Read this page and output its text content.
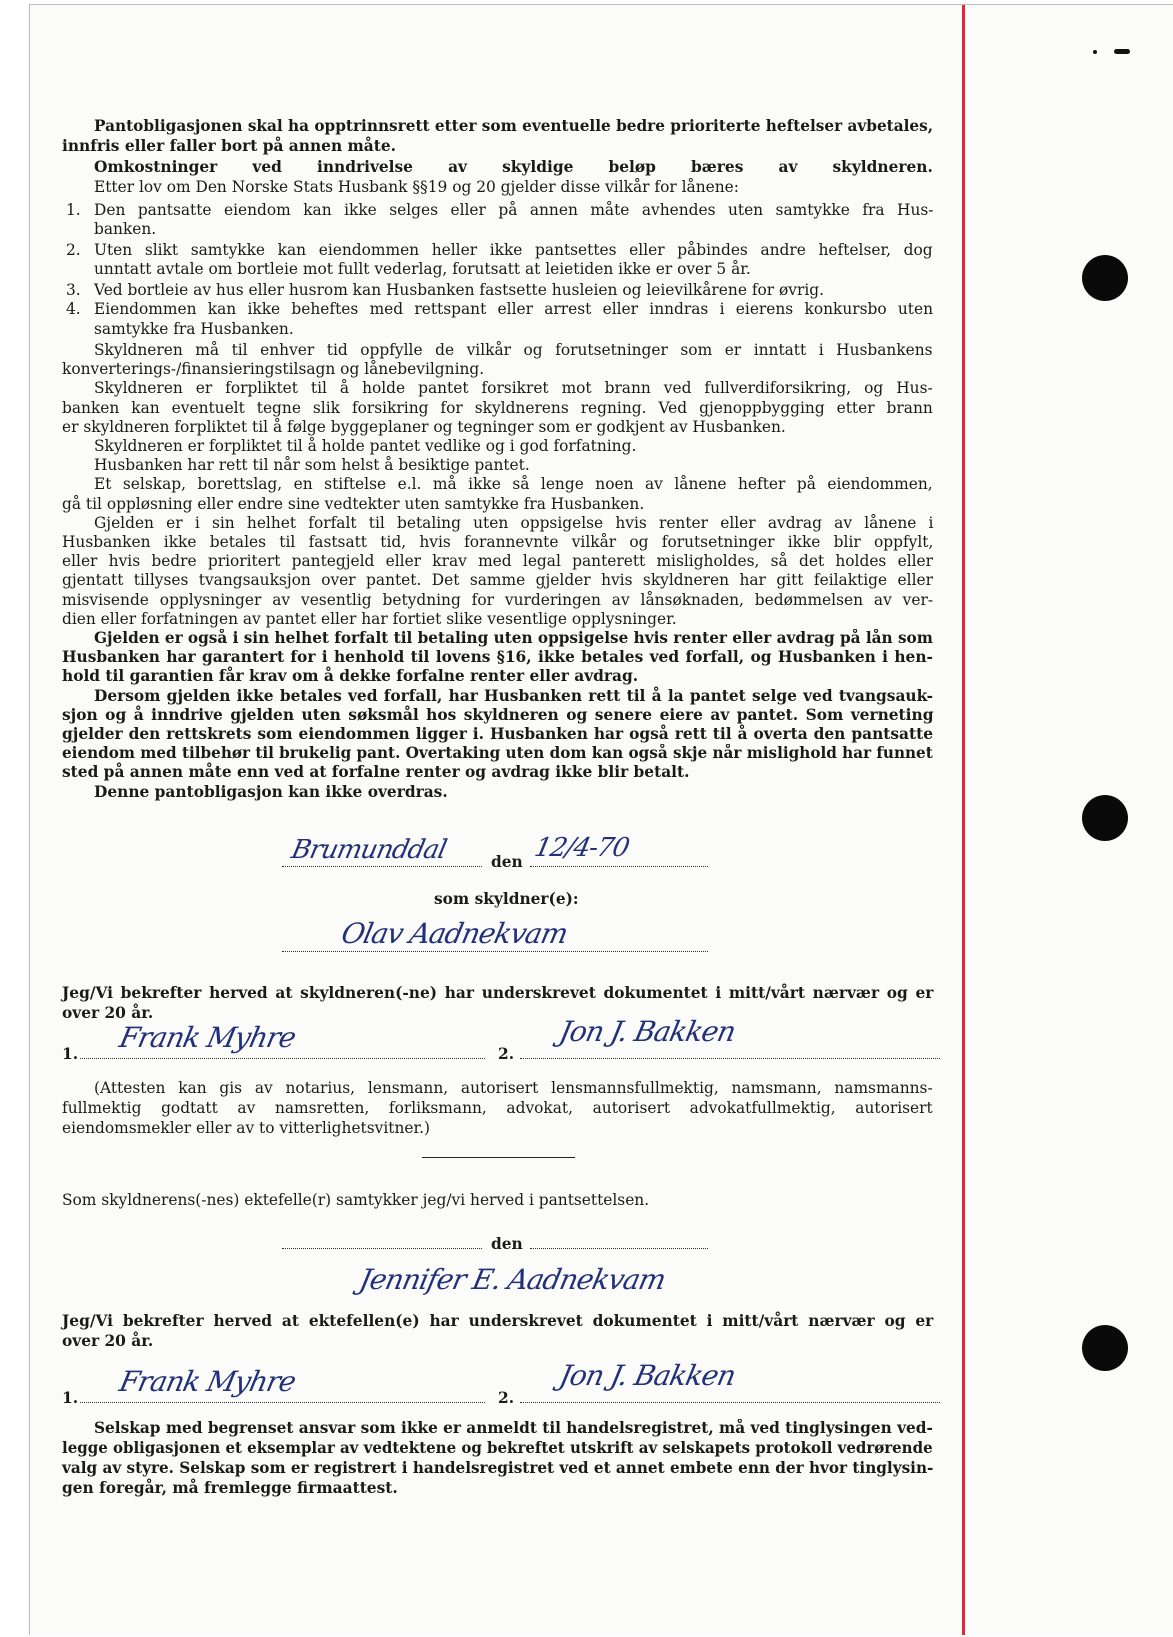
Pantobligasjonen skal ha opptrinnsrett etter som eventuelle bedre prioriterte heftelser avbetales,
innfris eller faller bort på annen måte.
Omkostninger ved inndrivelse av skyldige beløp bæres av skyldneren.
Etter lov om Den Norske Stats Husbank §§19 og 20 gjelder disse vilkår for lånene:
1. Den pantsatte eiendom kan ikke selges eller på annen måte avhendes uten samtykke fra Hus-
banken.
2. Uten slikt samtykke kan eiendommen heller ikke pantsettes eller påbindes andre heftelser, dog
unntatt avtale om bortleie mot fullt vederlag, forutsatt at leietiden ikke er over 5 år.
3. Ved bortleie av hus eller husrom kan Husbanken fastsette husleien og leievilkårene for øvrig.
4. Eiendommen kan ikke beheftes med rettspant eller arrest eller inndras i eierens konkursbo uten
samtykke fra Husbanken.
Skyldneren må til enhver tid oppfylle de vilkår og forutsetninger som er inntatt i Husbankens
konverterings-/finansieringstilsagn og lånebevilgning.
Skyldneren er forpliktet til å holde pantet forsikret mot brann ved fullverdiforsikring, og Hus-
banken kan eventuelt tegne slik forsikring for skyldnerens regning. Ved gjenoppbygging etter brann
er skyldneren forpliktet til å følge byggeplaner og tegninger som er godkjent av Husbanken.
Skyldneren er forpliktet til å holde pantet vedlike og i god forfatning.
Husbanken har rett til når som helst å besiktige pantet.
Et selskap, borettslag, en stiftelse e.l. må ikke så lenge noen av lånene hefter på eiendommen,
gå til oppløsning eller endre sine vedtekter uten samtykke fra Husbanken.
Gjelden er i sin helhet forfalt til betaling uten oppsigelse hvis renter eller avdrag av lånene i
Husbanken ikke betales til fastsatt tid, hvis forannevnte vilkår og forutsetninger ikke blir oppfylt,
eller hvis bedre prioritert pantegjeld eller krav med legal panterett misligholdes, så det holdes eller
gjentatt tillyses tvangsauksjon over pantet. Det samme gjelder hvis skyldneren har gitt feilaktige eller
misvisende opplysninger av vesentlig betydning for vurderingen av lånsøknaden, bedømmelsen av ver-
dien eller forfatningen av pantet eller har fortiet slike vesentlige opplysninger.
Gjelden er også i sin helhet forfalt til betaling uten oppsigelse hvis renter eller avdrag på lån som
Husbanken har garantert for i henhold til lovens §16, ikke betales ved forfall, og Husbanken i hen-
hold til garantien får krav om å dekke forfalne renter eller avdrag.
Dersom gjelden ikke betales ved forfall, har Husbanken rett til å la pantet selge ved tvangsauk-
sjon og å inndrive gjelden uten søksmål hos skyldneren og senere eiere av pantet. Som verneting
gjelder den rettskrets som eiendommen ligger i. Husbanken har også rett til å overta den pantsatte
eiendom med tilbehør til brukelig pant. Overtaking uten dom kan også skje når mislighold har funnet
sted på annen måte enn ved at forfalne renter og avdrag ikke blir betalt.
Denne pantobligasjon kan ikke overdras.
Brumunddal	den 12/4-70
som skyldner(e):
Olav Aadnekvam
Jeg/Vi bekrefter herved at skyldneren(-ne) har underskrevet dokumentet i mitt/vårt nærvær og er
over 20 år.
1. Frank Myhre	2.
Jon J. Bakken
(Attesten kan gis av notarius, lensmann, autorisert lensmannsfullmektig, namsmann, namsmanns-
fullmektig godtatt av namsretten, forliksmann, advokat, autorisert advokatfullmektig, autorisert
eiendomsmekler eller av to vitterlighetsvitner.)
Som skyldnerens(-nes) ektefelle(r) samtykker jeg/vi herved i pantsettelsen.
den
Jennifer E. Aadnekvam
Jeg/Vi bekrefter herved at ektefellen(e) har underskrevet dokumentet i mitt/vårt nærvær og er
over 20 år.
1. Frank Myhre	2.
Jon J. Bakken
Selskap med begrenset ansvar som ikke er anmeldt til handelsregistret, må ved tinglysingen ved-
legge obligasjonen et eksemplar av vedtektene og bekreftet utskrift av selskapets protokoll vedrørende
valg av styre. Selskap som er registrert i handelsregistret ved et annet embete enn der hvor tinglysin-
gen foregår, må fremlegge firmaattest.
